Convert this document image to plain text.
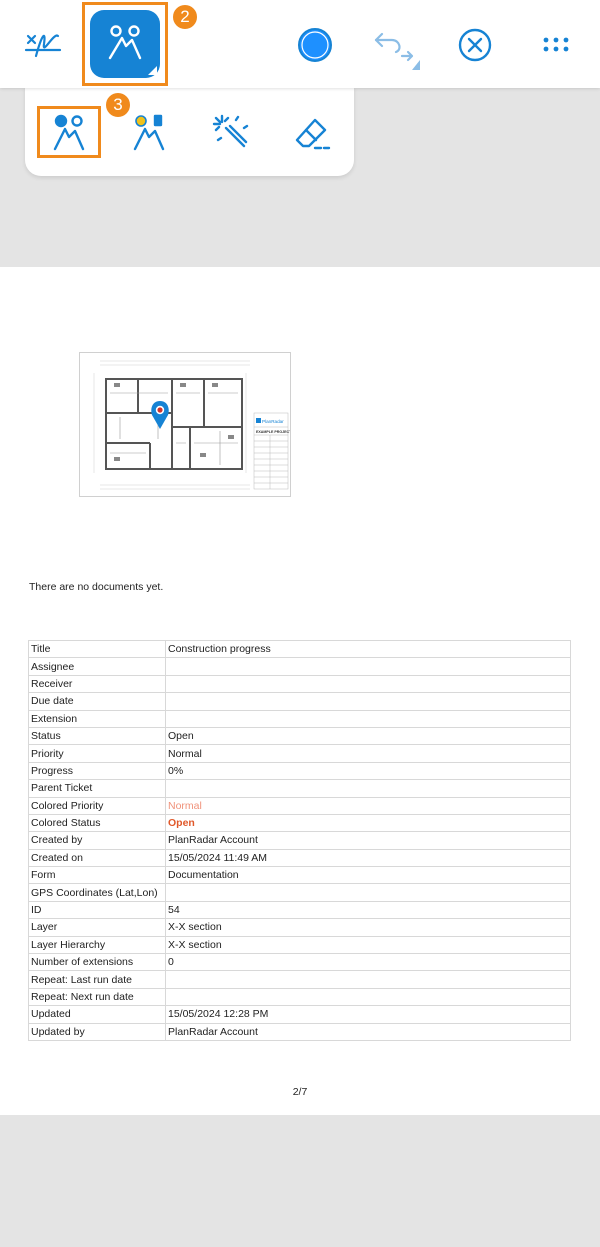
2
3
PlanRadar
EXAMPLE PROJECT
There are no documents yet.
Title	Construction progress
Assignee	
Receiver	
Due date	
Extension	
Status	Open
Priority	Normal
Progress	0%
Parent Ticket	
Colored Priority	Normal
Colored Status	Open
Created by	PlanRadar Account
Created on	15/05/2024 11:49 AM
Form	Documentation
GPS Coordinates (Lat,Lon)	
ID	54
Layer	X-X section
Layer Hierarchy	X-X section
Number of extensions	0
Repeat: Last run date	
Repeat: Next run date	
Updated	15/05/2024 12:28 PM
Updated by	PlanRadar Account
2/7
